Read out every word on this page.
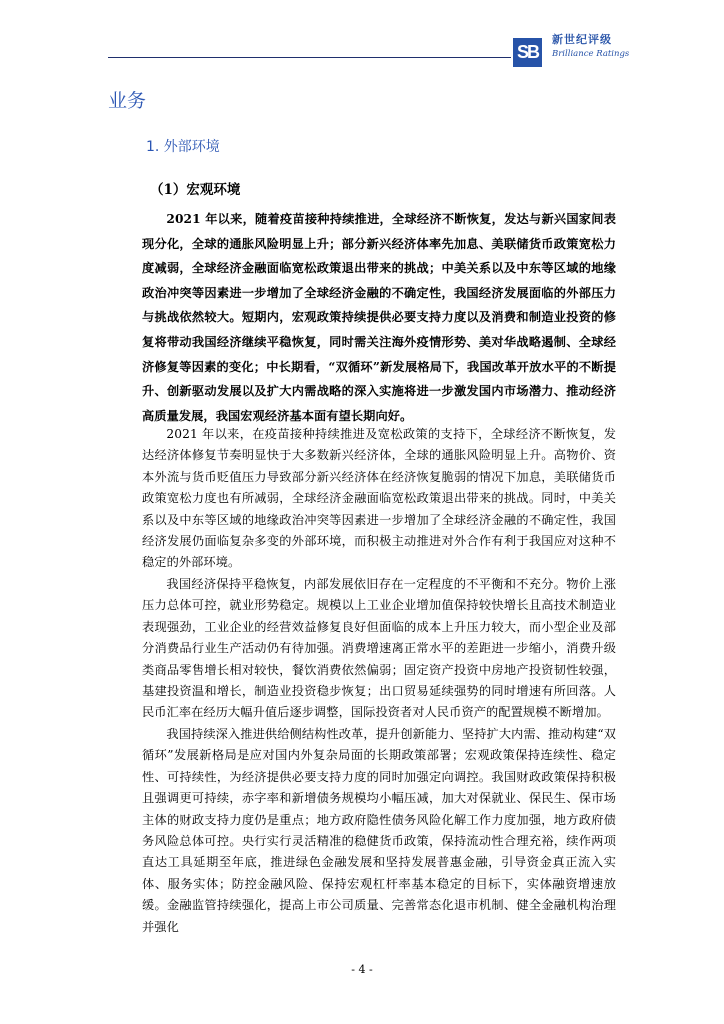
SB
新世纪评级
Brilliance Ratings
业务
1. 外部环境
（1）宏观环境

2021 年以来，随着疫苗接种持续推进，全球经济不断恢复，发达与新兴国家间表现分化，全球的通胀风险明显上升；部分新兴经济体率先加息、美联储货币政策宽松力度减弱，全球经济金融面临宽松政策退出带来的挑战；中美关系以及中东等区域的地缘政治冲突等因素进一步增加了全球经济金融的不确定性，我国经济发展面临的外部压力与挑战依然较大。短期内，宏观政策持续提供必要支持力度以及消费和制造业投资的修复将带动我国经济继续平稳恢复，同时需关注海外疫情形势、美对华战略遏制、全球经济修复等因素的变化；中长期看，“双循环”新发展格局下，我国改革开放水平的不断提升、创新驱动发展以及扩大内需战略的深入实施将进一步激发国内市场潜力、推动经济高质量发展，我国宏观经济基本面有望长期向好。

2021 年以来，在疫苗接种持续推进及宽松政策的支持下，全球经济不断恢复，发达经济体修复节奏明显快于大多数新兴经济体，全球的通胀风险明显上升。高物价、资本外流与货币贬值压力导致部分新兴经济体在经济恢复脆弱的情况下加息，美联储货币政策宽松力度也有所减弱，全球经济金融面临宽松政策退出带来的挑战。同时，中美关系以及中东等区域的地缘政治冲突等因素进一步增加了全球经济金融的不确定性，我国经济发展仍面临复杂多变的外部环境，而积极主动推进对外合作有利于我国应对这种不稳定的外部环境。

我国经济保持平稳恢复，内部发展依旧存在一定程度的不平衡和不充分。物价上涨压力总体可控，就业形势稳定。规模以上工业企业增加值保持较快增长且高技术制造业表现强劲，工业企业的经营效益修复良好但面临的成本上升压力较大，而小型企业及部分消费品行业生产活动仍有待加强。消费增速离正常水平的差距进一步缩小，消费升级类商品零售增长相对较快，餐饮消费依然偏弱；固定资产投资中房地产投资韧性较强，基建投资温和增长，制造业投资稳步恢复；出口贸易延续强势的同时增速有所回落。人民币汇率在经历大幅升值后逐步调整，国际投资者对人民币资产的配置规模不断增加。

我国持续深入推进供给侧结构性改革，提升创新能力、坚持扩大内需、推动构建“双循环”发展新格局是应对国内外复杂局面的长期政策部署；宏观政策保持连续性、稳定性、可持续性，为经济提供必要支持力度的同时加强定向调控。我国财政政策保持积极且强调更可持续，赤字率和新增债务规模均小幅压减，加大对保就业、保民生、保市场主体的财政支持力度仍是重点；地方政府隐性债务风险化解工作力度加强，地方政府债务风险总体可控。央行实行灵活精准的稳健货币政策，保持流动性合理充裕，续作两项直达工具延期至年底，推进绿色金融发展和坚持发展普惠金融，引导资金真正流入实体、服务实体；防控金融风险、保持宏观杠杆率基本稳定的目标下，实体融资增速放缓。金融监管持续强化，提高上市公司质量、完善常态化退市机制、健全金融机构治理并强化

- 4 -
